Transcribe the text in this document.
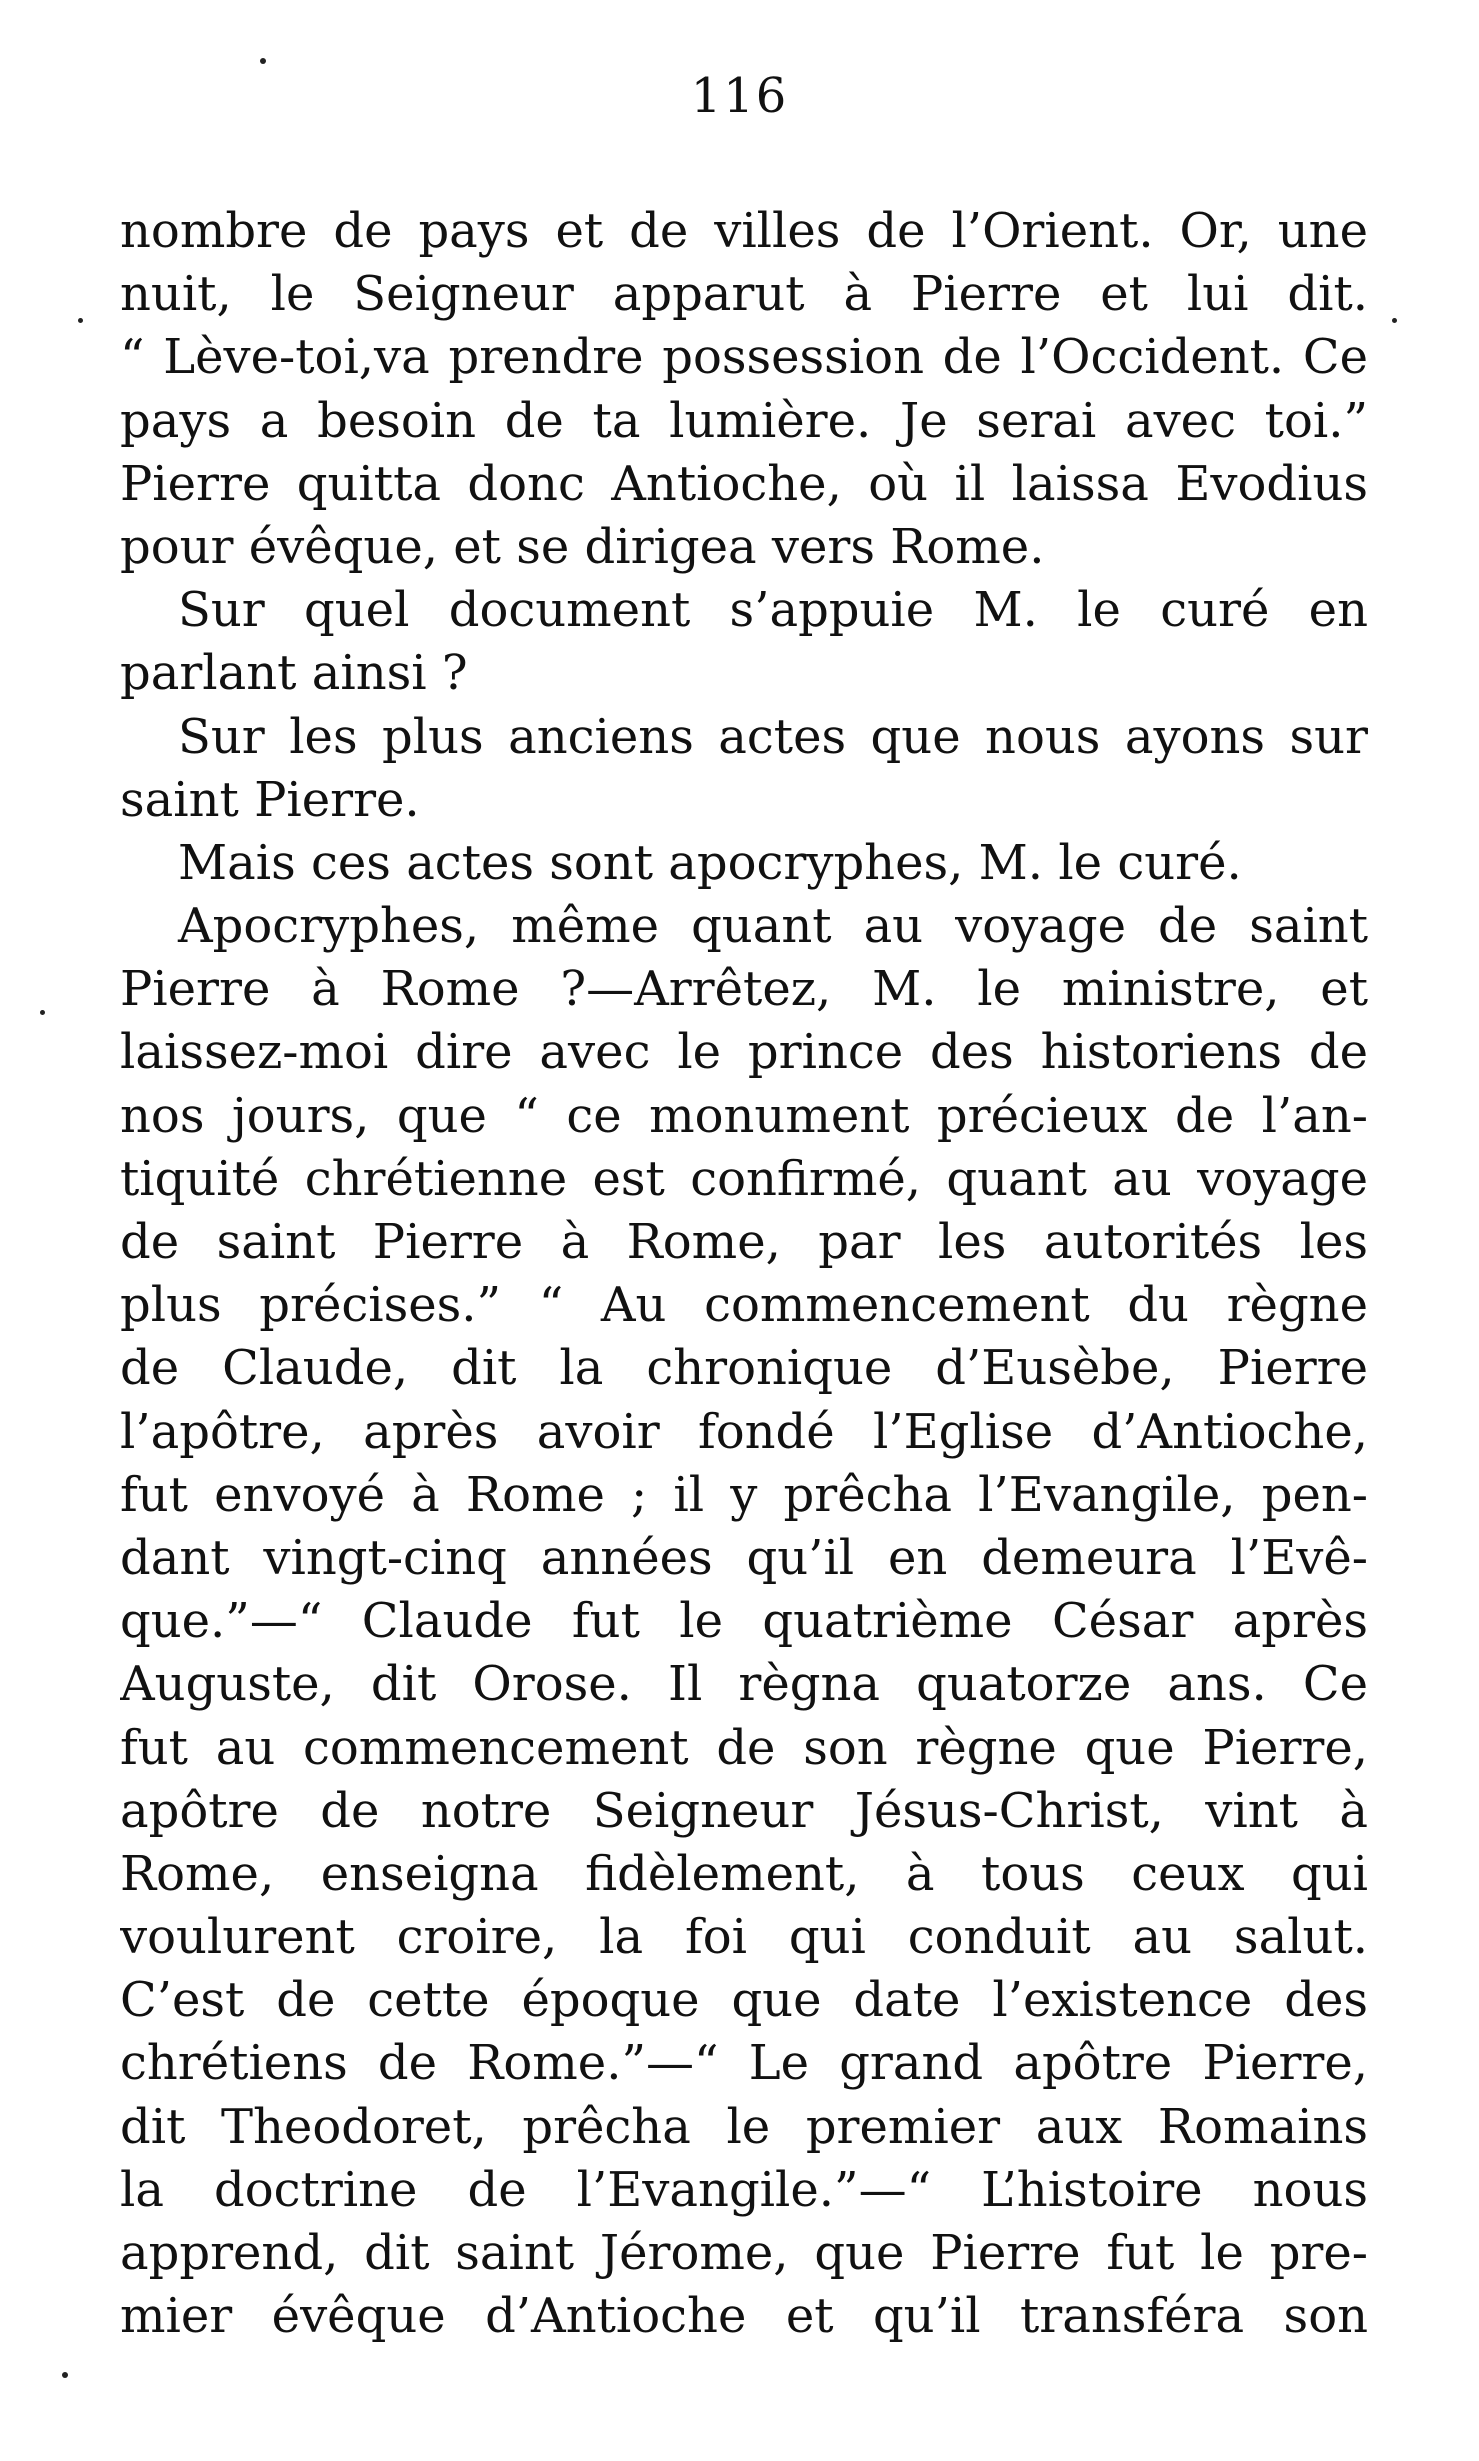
116
nombre de pays et de villes de l’Orient. Or, une
nuit, le Seigneur apparut à Pierre et lui dit.
“ Lève-toi,va prendre possession de l’Occident. Ce
pays a besoin de ta lumière. Je serai avec toi.”
Pierre quitta donc Antioche, où il laissa Evodius
pour évêque, et se dirigea vers Rome.
Sur quel document s’appuie M. le curé en
parlant ainsi ?
Sur les plus anciens actes que nous ayons sur
saint Pierre.
Mais ces actes sont apocryphes, M. le curé.
Apocryphes, même quant au voyage de saint
Pierre à Rome ?—Arrêtez, M. le ministre, et
laissez-moi dire avec le prince des historiens de
nos jours, que “ ce monument précieux de l’an-
tiquité chrétienne est confirmé, quant au voyage
de saint Pierre à Rome, par les autorités les
plus précises.” “ Au commencement du règne
de Claude, dit la chronique d’Eusèbe, Pierre
l’apôtre, après avoir fondé l’Eglise d’Antioche,
fut envoyé à Rome ; il y prêcha l’Evangile, pen-
dant vingt-cinq années qu’il en demeura l’Evê-
que.”—“ Claude fut le quatrième César après
Auguste, dit Orose. Il règna quatorze ans. Ce
fut au commencement de son règne que Pierre,
apôtre de notre Seigneur Jésus-Christ, vint à
Rome, enseigna fidèlement, à tous ceux qui
voulurent croire, la foi qui conduit au salut.
C’est de cette époque que date l’existence des
chrétiens de Rome.”—“ Le grand apôtre Pierre,
dit Theodoret, prêcha le premier aux Romains
la doctrine de l’Evangile.”—“ L’histoire nous
apprend, dit saint Jérome, que Pierre fut le pre-
mier évêque d’Antioche et qu’il transféra son
